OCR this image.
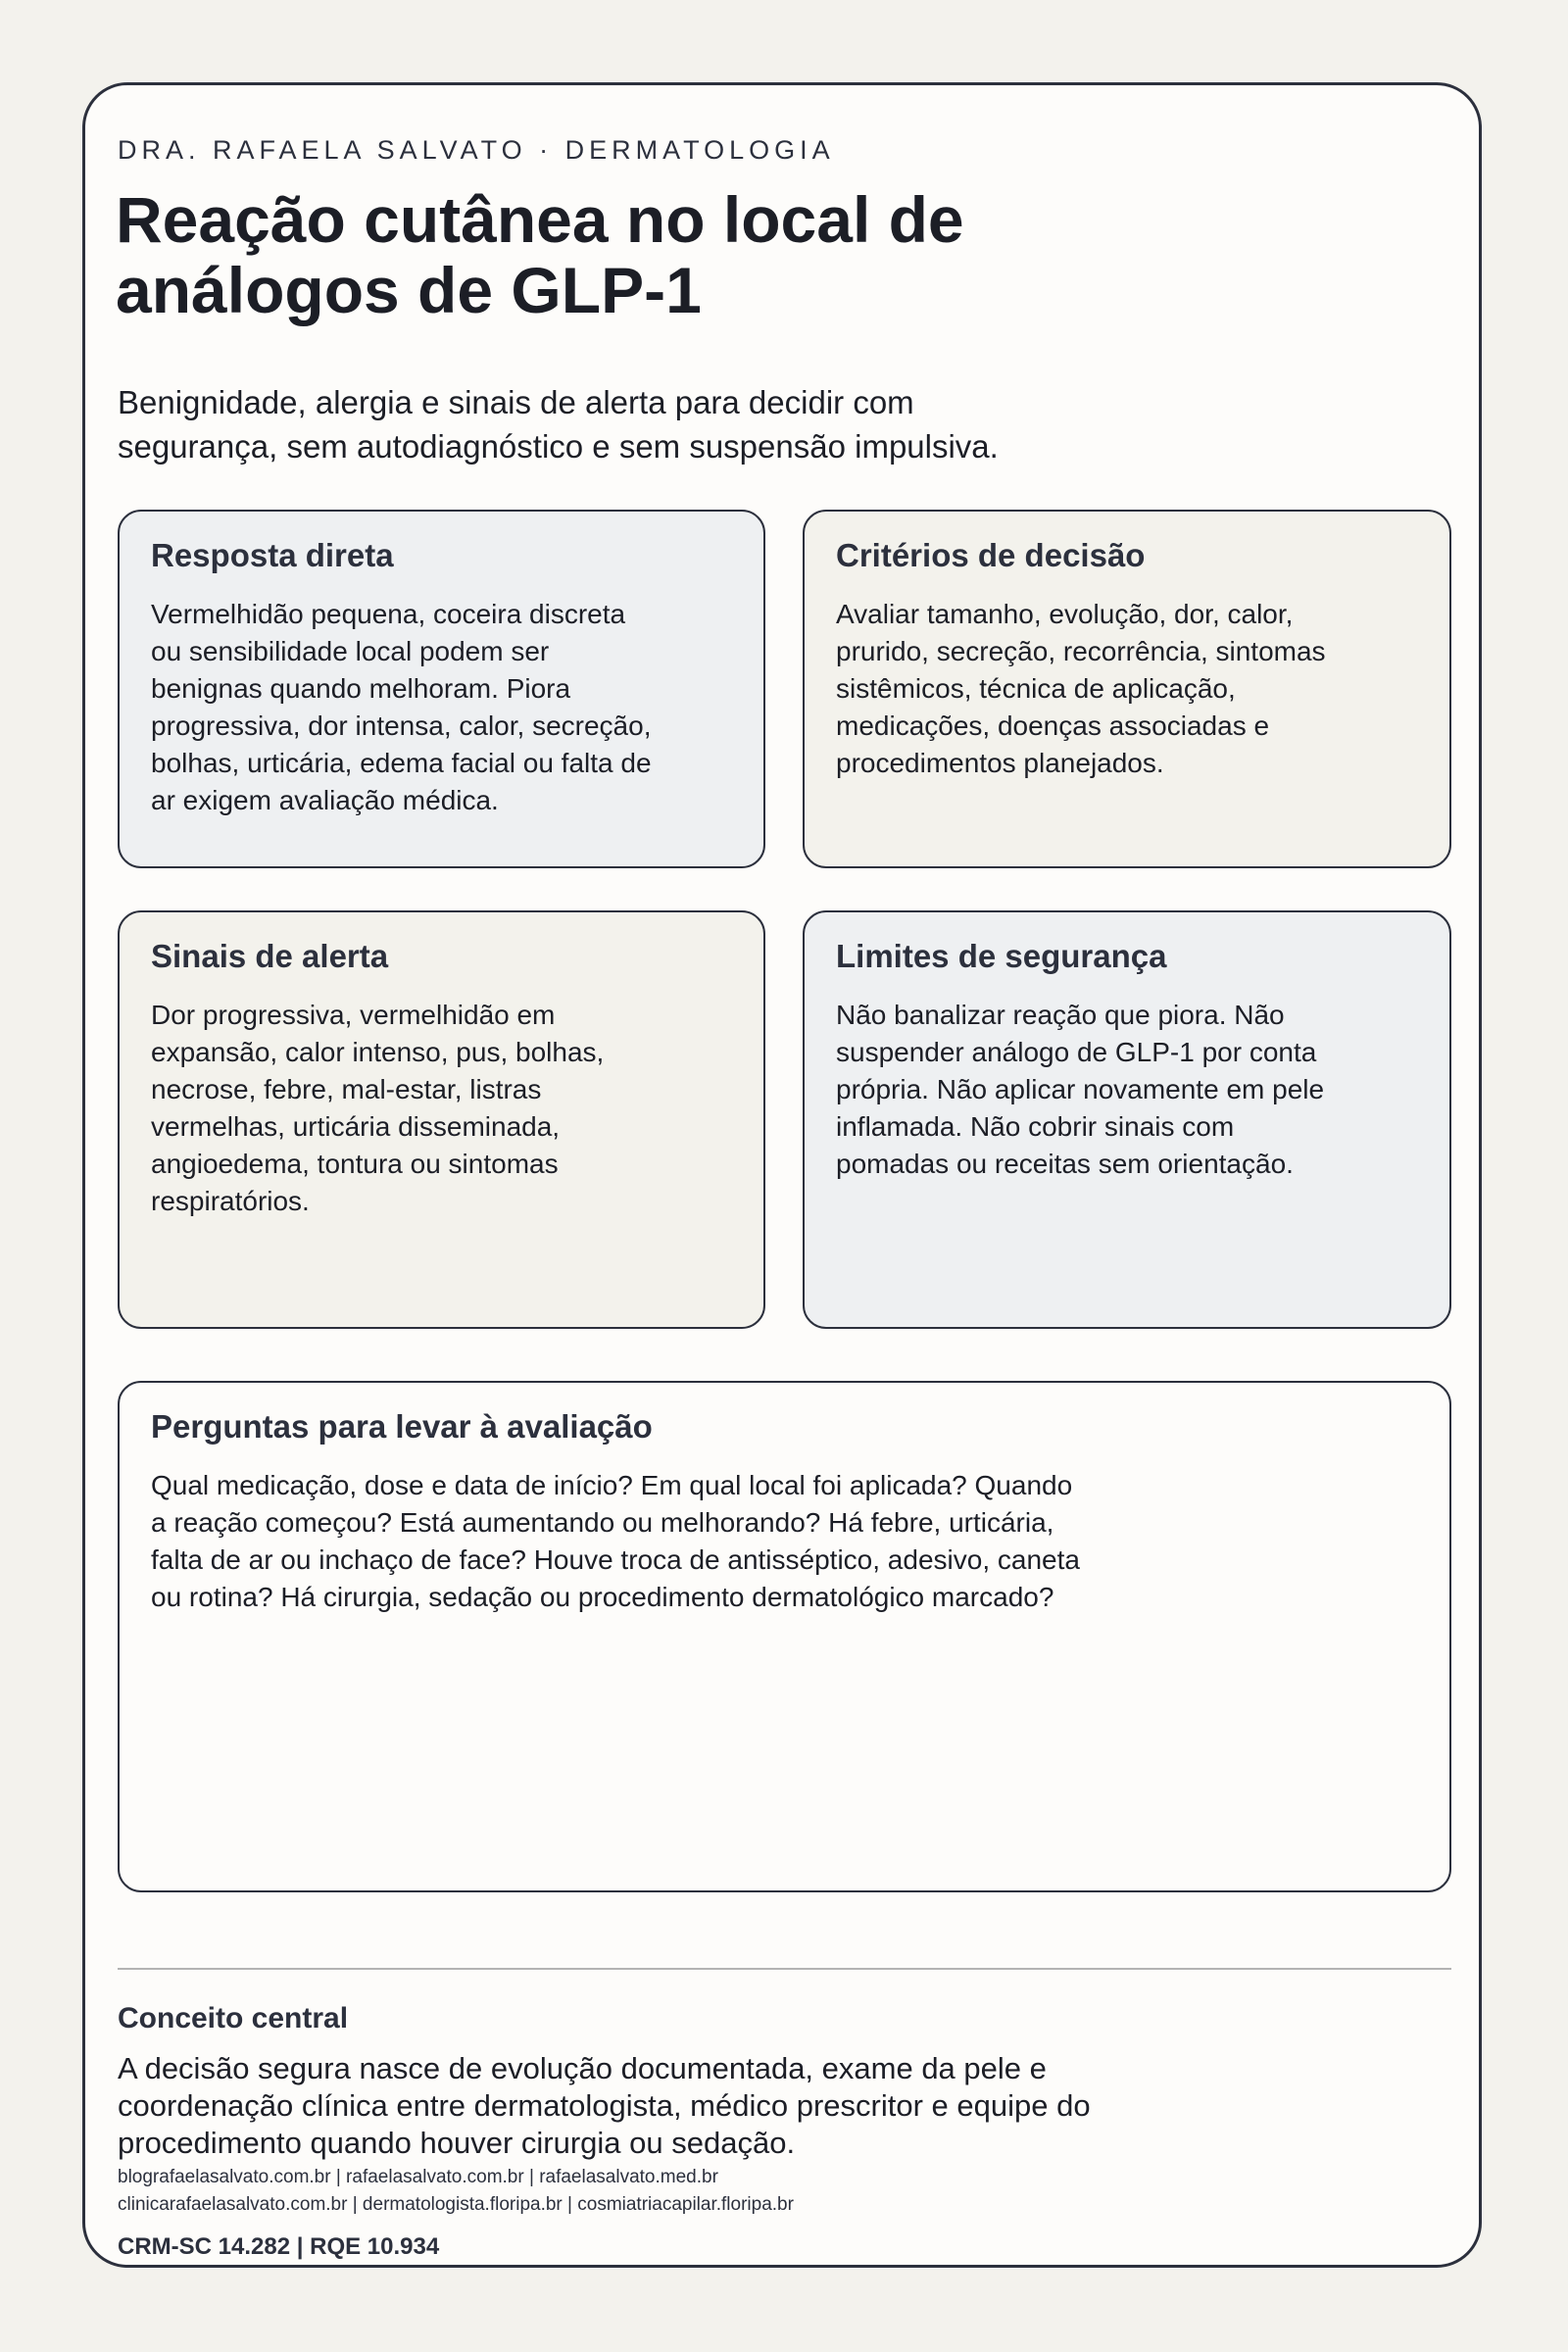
DRA. RAFAELA SALVATO · DERMATOLOGIA
Reação cutânea no local de análogos de GLP-1

Benignidade, alergia e sinais de alerta para decidir com segurança, sem autodiagnóstico e sem suspensão impulsiva.

Resposta direta

Vermelhidão pequena, coceira discreta ou sensibilidade local podem ser benignas quando melhoram. Piora progressiva, dor intensa, calor, secreção, bolhas, urticária, edema facial ou falta de ar exigem avaliação médica.

Critérios de decisão

Avaliar tamanho, evolução, dor, calor, prurido, secreção, recorrência, sintomas sistêmicos, técnica de aplicação, medicações, doenças associadas e procedimentos planejados.

Sinais de alerta

Dor progressiva, vermelhidão em expansão, calor intenso, pus, bolhas, necrose, febre, mal-estar, listras vermelhas, urticária disseminada, angioedema, tontura ou sintomas respiratórios.

Limites de segurança

Não banalizar reação que piora. Não suspender análogo de GLP-1 por conta própria. Não aplicar novamente em pele inflamada. Não cobrir sinais com pomadas ou receitas sem orientação.

Perguntas para levar à avaliação

Qual medicação, dose e data de início? Em qual local foi aplicada? Quando a reação começou? Está aumentando ou melhorando? Há febre, urticária, falta de ar ou inchaço de face? Houve troca de antisséptico, adesivo, caneta ou rotina? Há cirurgia, sedação ou procedimento dermatológico marcado?

Conceito central

A decisão segura nasce de evolução documentada, exame da pele e coordenação clínica entre dermatologista, médico prescritor e equipe do procedimento quando houver cirurgia ou sedação.

blografaelasalvato.com.br | rafaelasalvato.com.br | rafaelasalvato.med.br
clinicarafaelasalvato.com.br | dermatologista.floripa.br | cosmiatriacapilar.floripa.br
CRM-SC 14.282 | RQE 10.934
